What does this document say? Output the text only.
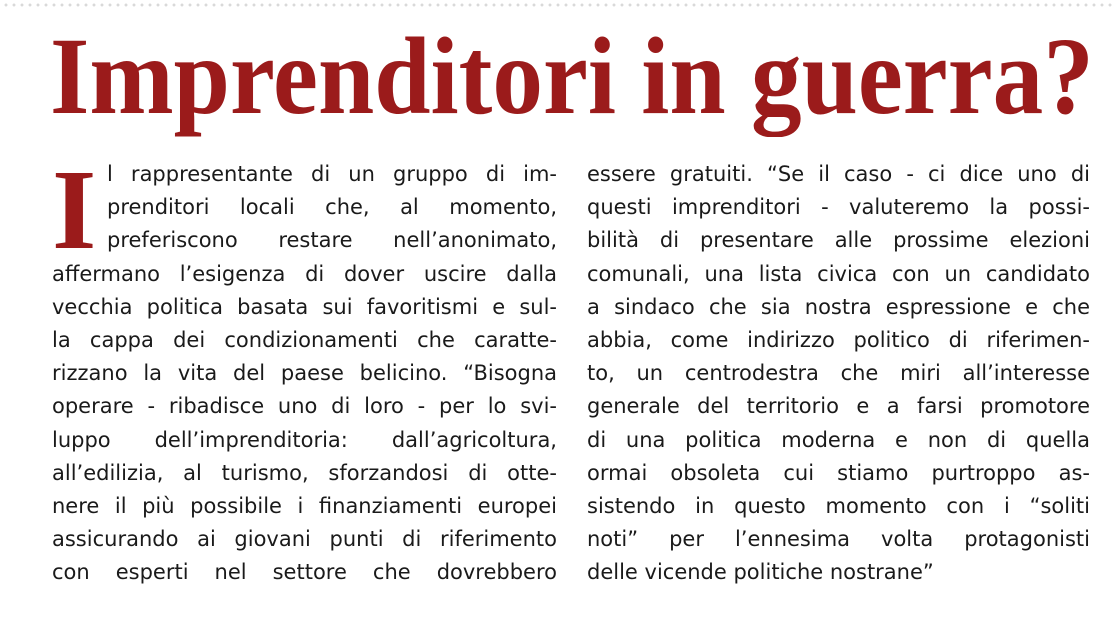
Imprenditori in guerra?
I l rappresentante di un gruppo di im-
prenditori locali che, al momento,
preferiscono restare nell’anonimato,
affermano l’esigenza di dover uscire dalla
vecchia politica basata sui favoritismi e sul-
la cappa dei condizionamenti che caratte-
rizzano la vita del paese belicino. “Bisogna
operare - ribadisce uno di loro - per lo svi-
luppo dell’imprenditoria: dall’agricoltura,
all’edilizia, al turismo, sforzandosi di otte-
nere il più possibile i finanziamenti europei
assicurando ai giovani punti di riferimento
con esperti nel settore che dovrebbero
essere gratuiti. “Se il caso - ci dice uno di
questi imprenditori - valuteremo la possi-
bilità di presentare alle prossime elezioni
comunali, una lista civica con un candidato
a sindaco che sia nostra espressione e che
abbia, come indirizzo politico di riferimen-
to, un centrodestra che miri all’interesse
generale del territorio e a farsi promotore
di una politica moderna e non di quella
ormai obsoleta cui stiamo purtroppo as-
sistendo in questo momento con i “soliti
noti” per l’ennesima volta protagonisti
delle vicende politiche nostrane”
